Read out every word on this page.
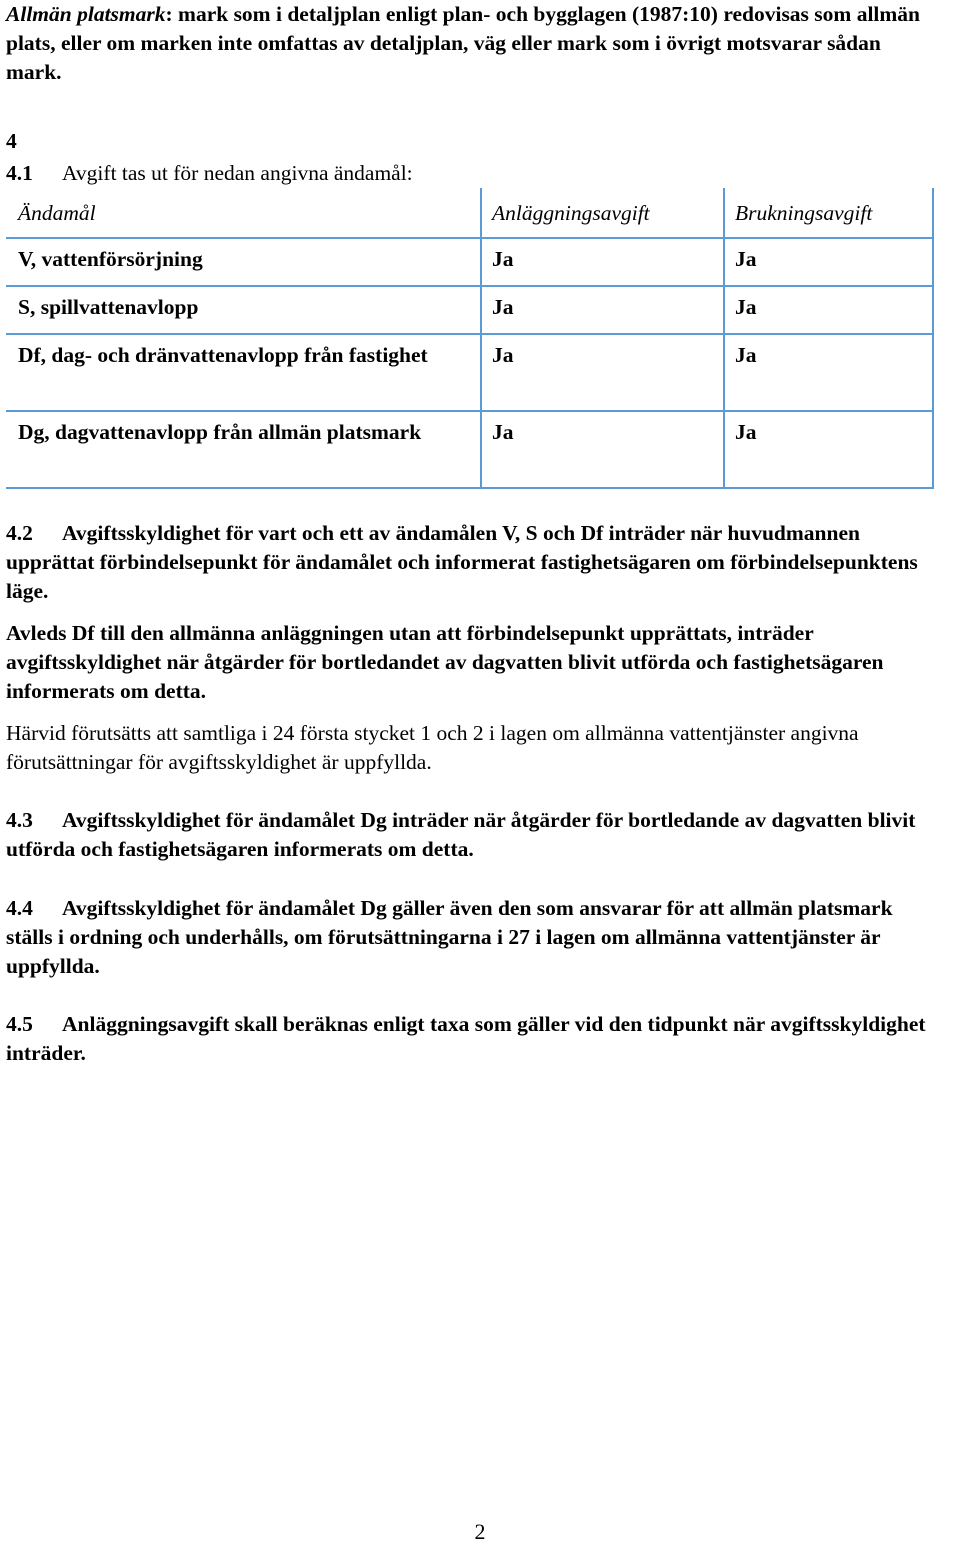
Allmän platsmark: mark som i detaljplan enligt plan- och bygglagen (1987:10) redovisas som allmän plats, eller om marken inte omfattas av detaljplan, väg eller mark som i övrigt motsvarar sådan mark.
4
4.1 Avgift tas ut för nedan angivna ändamål:
Ändamål	Anläggningsavgift	Brukningsavgift
V, vattenförsörjning	Ja	Ja
S, spillvattenavlopp	Ja	Ja
Df, dag- och dränvattenavlopp från fastighet	Ja	Ja
Dg, dagvattenavlopp från allmän platsmark	Ja	Ja
4.2 Avgiftsskyldighet för vart och ett av ändamålen V, S och Df inträder när huvudmannen upprättat förbindelsepunkt för ändamålet och informerat fastighetsägaren om förbindelsepunktens läge.
Avleds Df till den allmänna anläggningen utan att förbindelsepunkt upprättats, inträder avgiftsskyldighet när åtgärder för bortledandet av dagvatten blivit utförda och fastighetsägaren informerats om detta.
Härvid förutsätts att samtliga i 24 första stycket 1 och 2 i lagen om allmänna vattentjänster angivna förutsättningar för avgiftsskyldighet är uppfyllda.
4.3 Avgiftsskyldighet för ändamålet Dg inträder när åtgärder för bortledande av dagvatten blivit utförda och fastighetsägaren informerats om detta.
4.4 Avgiftsskyldighet för ändamålet Dg gäller även den som ansvarar för att allmän platsmark ställs i ordning och underhålls, om förutsättningarna i 27 i lagen om allmänna vattentjänster är uppfyllda.
4.5 Anläggningsavgift skall beräknas enligt taxa som gäller vid den tidpunkt när avgiftsskyldighet inträder.
2
